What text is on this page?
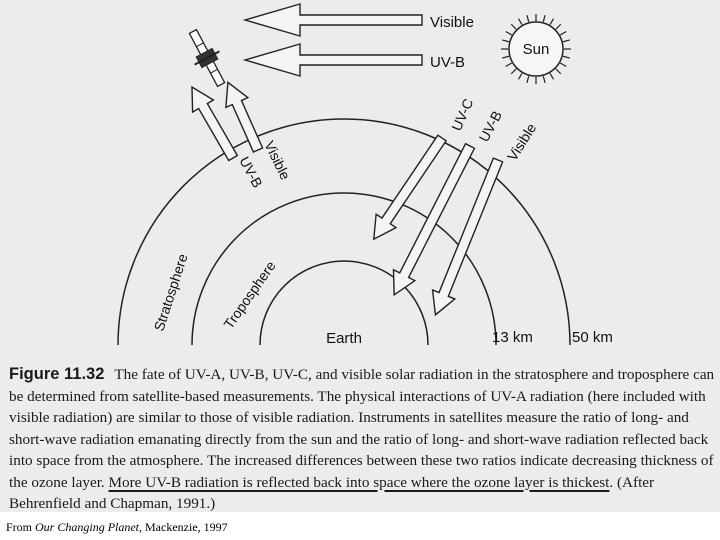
Visible
UV-B
Sun
UV-C UV-B
Visible
Visible
UV-B
Stratosphere Troposphere
Earth	13 km	50 km

Figure 11.32 The fate of UV-A, UV-B, UV-C, and visible solar radiation in the stratosphere and troposphere can be determined from satellite-based measurements. The physical interactions of UV-A radiation (here included with visible radiation) are similar to those of visible radiation. Instruments in satellites measure the ratio of long- and short-wave radiation emanating directly from the sun and the ratio of long- and short-wave radiation reflected back into space from the atmosphere. The increased differences between these two ratios indicate decreasing thickness of the ozone layer. More UV-B radiation is reflected back into space where the ozone layer is thickest. (After Behrenfield and Chapman, 1991.)

From Our Changing Planet, Mackenzie, 1997
